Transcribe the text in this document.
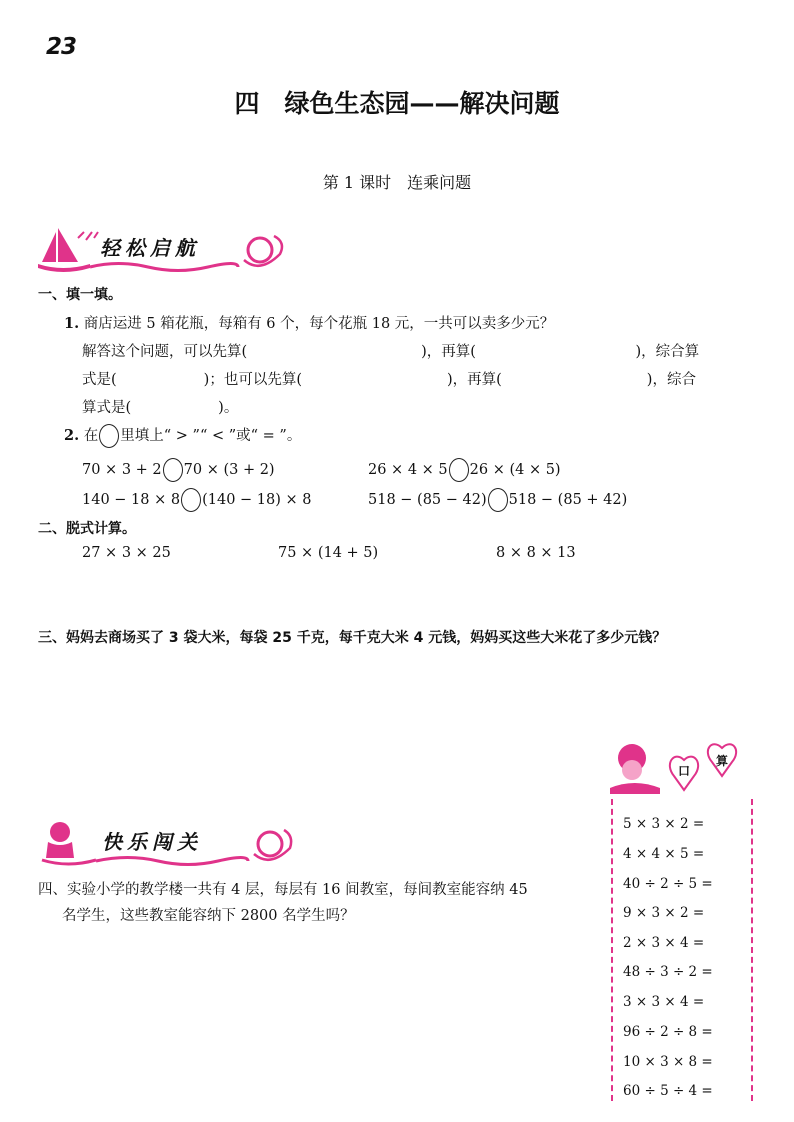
23
四　绿色生态园——解决问题
第 1 课时　连乘问题
轻松启航
一、填一填。
1. 商店运进 5 箱花瓶，每箱有 6 个，每个花瓶 18 元，一共可以卖多少元？
解答这个问题，可以先算(　　　　　　　　　　　　)，再算(　　　　　　　　　　　)，综合算
式是(　　　　　　)；也可以先算(　　　　　　　　　　)，再算(　　　　　　　　　　)，综合
算式是(　　　　　　)。
2. 在 里填上“ > ”“ < ”或“ = ”。
70 × 3 + 2 70 × (3 + 2)	26 × 4 × 5 26 × (4 × 5)
140 − 18 × 8 (140 − 18) × 8	518 − (85 − 42) 518 − (85 + 42)
二、脱式计算。
27 × 3 × 25	75 × (14 + 5)	8 × 8 × 13
三、妈妈去商场买了 3 袋大米，每袋 25 千克，每千克大米 4 元钱，妈妈买这些大米花了多少元钱？
快乐闯关
四、实验小学的教学楼一共有 4 层，每层有 16 间教室，每间教室能容纳 45
名学生，这些教室能容纳下 2800 名学生吗？
口
算
5 × 3 × 2 =
4 × 4 × 5 =
40 ÷ 2 ÷ 5 =
9 × 3 × 2 =
2 × 3 × 4 =
48 ÷ 3 ÷ 2 =
3 × 3 × 4 =
96 ÷ 2 ÷ 8 =
10 × 3 × 8 =
60 ÷ 5 ÷ 4 =
